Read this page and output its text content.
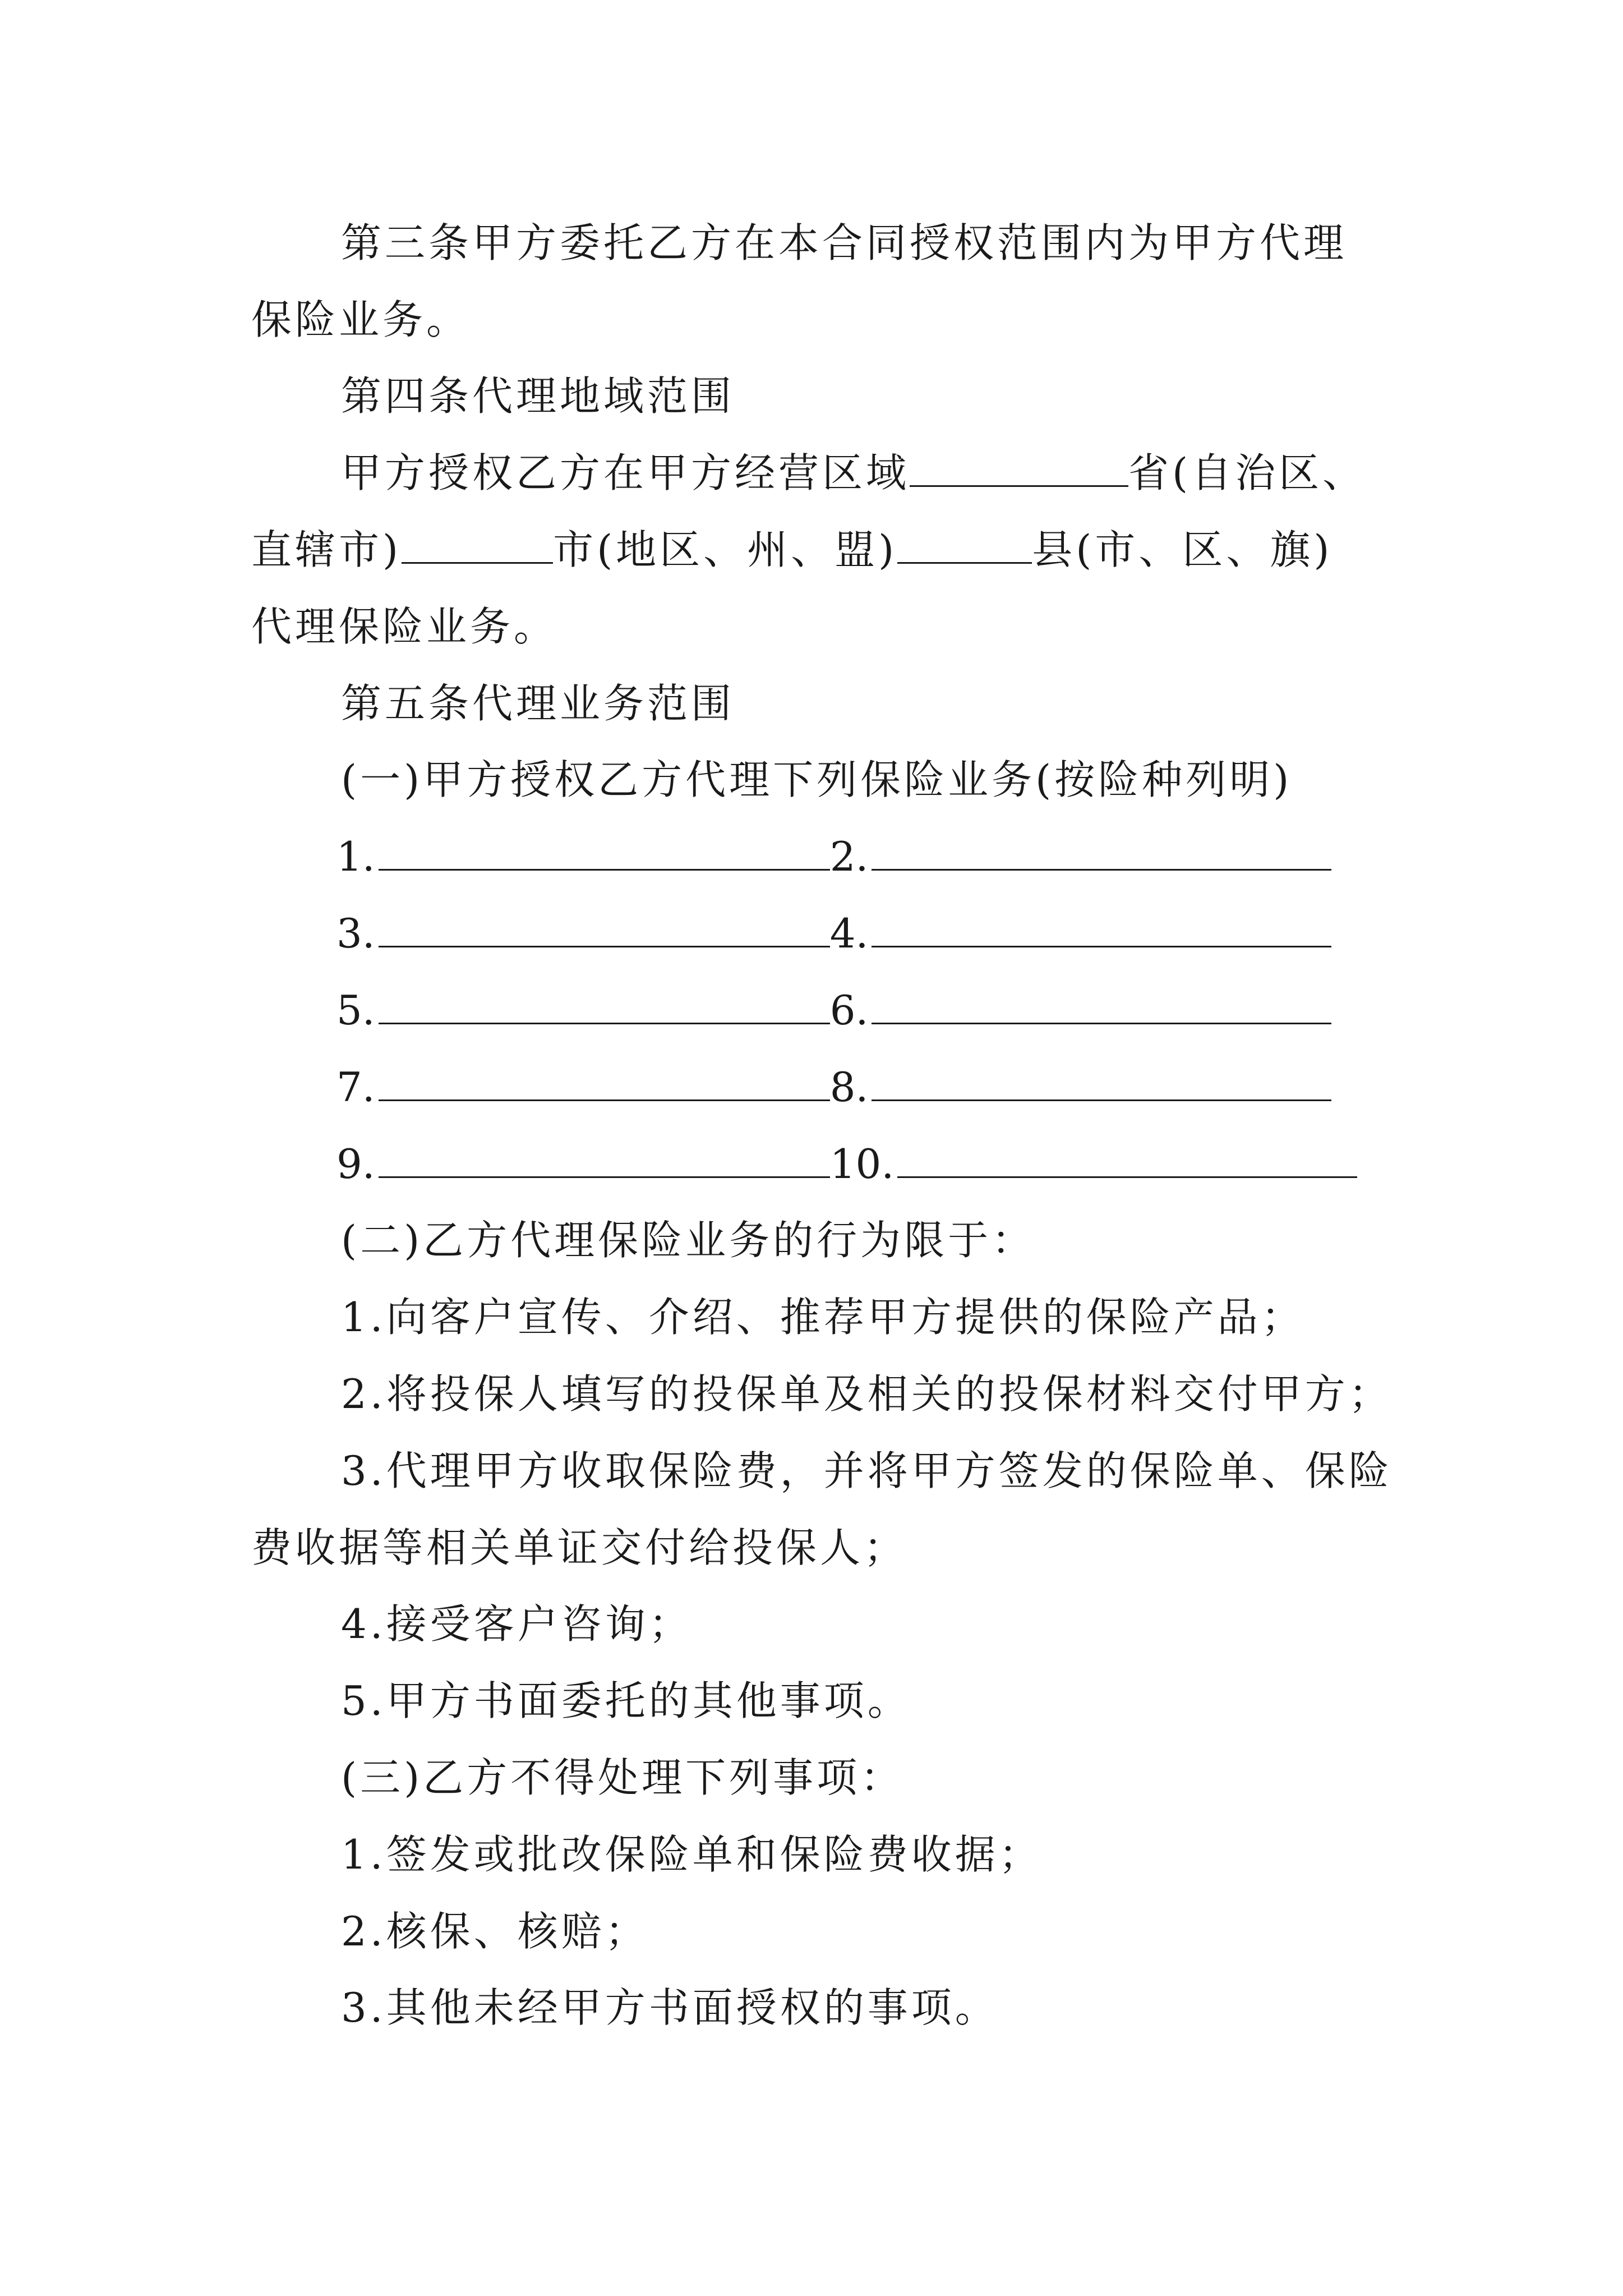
第三条甲方委托乙方在本合同授权范围内为甲方代理
保险业务。
第四条代理地域范围
甲方授权乙方在甲方经营区域	省(自治区、
直辖市)	市(地区、州、盟)	县(市、区、旗)
代理保险业务。
第五条代理业务范围
(一)甲方授权乙方代理下列保险业务(按险种列明)
1.	2.
3.	4.
5.	6.
7.	8.
9.	10.
(二)乙方代理保险业务的行为限于：
1.向客户宣传、介绍、推荐甲方提供的保险产品；
2.将投保人填写的投保单及相关的投保材料交付甲方；
3.代理甲方收取保险费，并将甲方签发的保险单、保险
费收据等相关单证交付给投保人；
4.接受客户咨询；
5.甲方书面委托的其他事项。
(三)乙方不得处理下列事项：
1.签发或批改保险单和保险费收据；
2.核保、核赔；
3.其他未经甲方书面授权的事项。
